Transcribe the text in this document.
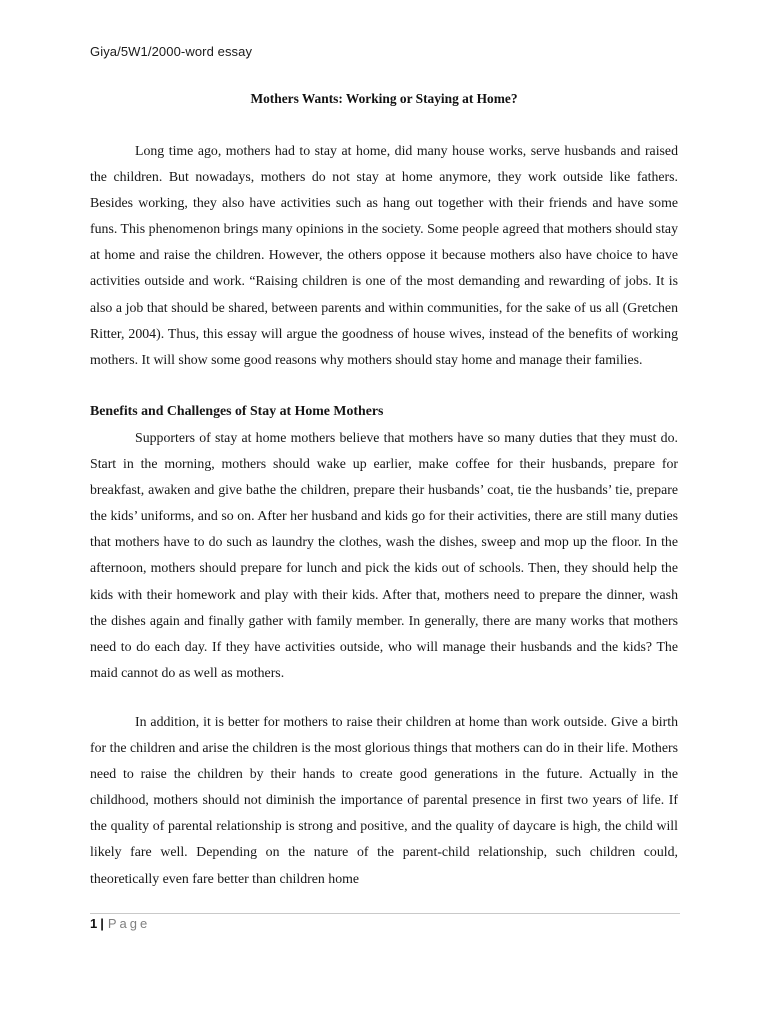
Giya/5W1/2000-word essay
Mothers Wants: Working or Staying at Home?

Long time ago, mothers had to stay at home, did many house works, serve husbands and raised the children. But nowadays, mothers do not stay at home anymore, they work outside like fathers. Besides working, they also have activities such as hang out together with their friends and have some funs. This phenomenon brings many opinions in the society. Some people agreed that mothers should stay at home and raise the children. However, the others oppose it because mothers also have choice to have activities outside and work. “Raising children is one of the most demanding and rewarding of jobs. It is also a job that should be shared, between parents and within communities, for the sake of us all (Gretchen Ritter, 2004). Thus, this essay will argue the goodness of house wives, instead of the benefits of working mothers. It will show some good reasons why mothers should stay home and manage their families.

Benefits and Challenges of Stay at Home Mothers

Supporters of stay at home mothers believe that mothers have so many duties that they must do. Start in the morning, mothers should wake up earlier, make coffee for their husbands, prepare for breakfast, awaken and give bathe the children, prepare their husbands’ coat, tie the husbands’ tie, prepare the kids’ uniforms, and so on. After her husband and kids go for their activities, there are still many duties that mothers have to do such as laundry the clothes, wash the dishes, sweep and mop up the floor. In the afternoon, mothers should prepare for lunch and pick the kids out of schools. Then, they should help the kids with their homework and play with their kids. After that, mothers need to prepare the dinner, wash the dishes again and finally gather with family member. In generally, there are many works that mothers need to do each day. If they have activities outside, who will manage their husbands and the kids? The maid cannot do as well as mothers.

In addition, it is better for mothers to raise their children at home than work outside. Give a birth for the children and arise the children is the most glorious things that mothers can do in their life. Mothers need to raise the children by their hands to create good generations in the future. Actually in the childhood, mothers should not diminish the importance of parental presence in first two years of life. If the quality of parental relationship is strong and positive, and the quality of daycare is high, the child will likely fare well. Depending on the nature of the parent-child relationship, such children could, theoretically even fare better than children home

1 | Page
